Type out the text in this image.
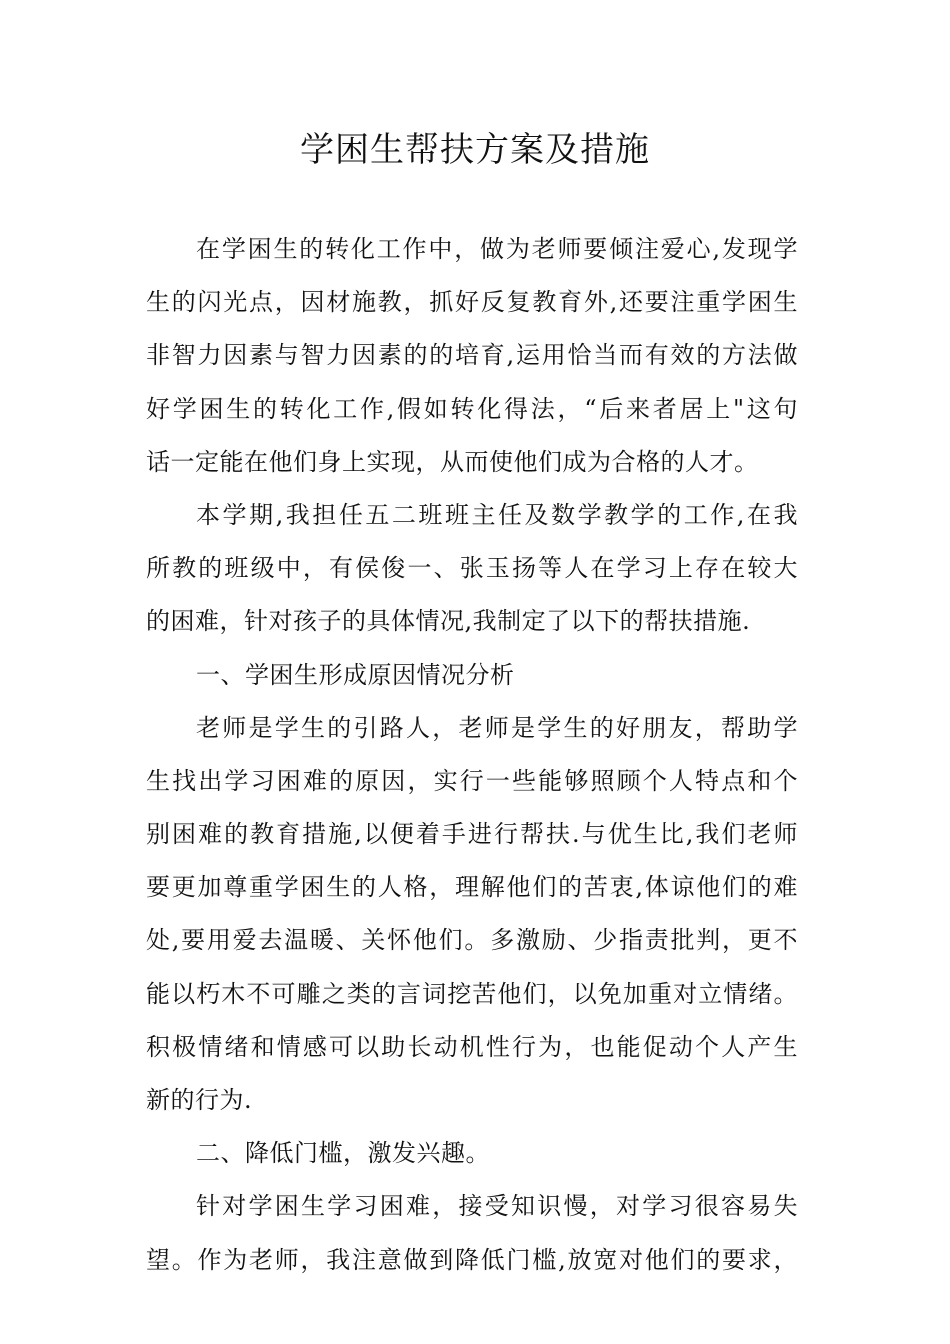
学困生帮扶方案及措施
在学困生的转化工作中，做为老师要倾注爱心,发现学
生的闪光点，因材施教，抓好反复教育外,还要注重学困生
非智力因素与智力因素的的培育,运用恰当而有效的方法做
好学困生的转化工作,假如转化得法，“后来者居上"这句
话一定能在他们身上实现，从而使他们成为合格的人才。
本学期,我担任五二班班主任及数学教学的工作,在我
所教的班级中，有侯俊一、张玉扬等人在学习上存在较大
的困难，针对孩子的具体情况,我制定了以下的帮扶措施.
一、学困生形成原因情况分析
老师是学生的引路人，老师是学生的好朋友，帮助学
生找出学习困难的原因，实行一些能够照顾个人特点和个
别困难的教育措施,以便着手进行帮扶.与优生比,我们老师
要更加尊重学困生的人格，理解他们的苦衷,体谅他们的难
处,要用爱去温暖、关怀他们。多激励、少指责批判，更不
能以朽木不可雕之类的言词挖苦他们，以免加重对立情绪。
积极情绪和情感可以助长动机性行为，也能促动个人产生
新的行为.
二、降低门槛，激发兴趣。
针对学困生学习困难，接受知识慢，对学习很容易失
望。作为老师，我注意做到降低门槛,放宽对他们的要求，
